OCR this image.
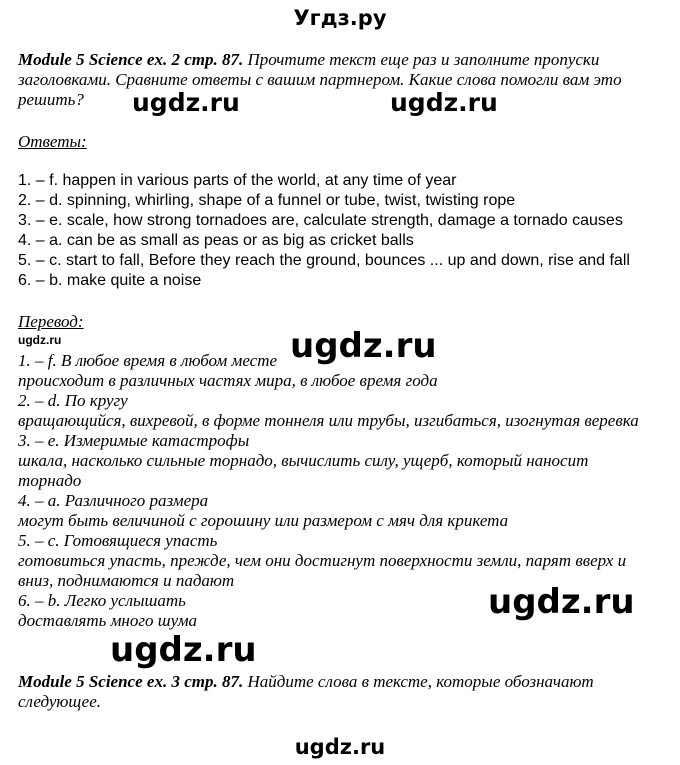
Угдз.ру
Module 5 Science ex. 2 стр. 87. Прочтите текст еще раз и заполните пропуски заголовками. Сравните ответы с вашим партнером. Какие слова помогли вам это решить?	ugdz.ru	ugdz.ru
Ответы:
1. – f. happen in various parts of the world, at any time of year
2. – d. spinning, whirling, shape of a funnel or tube, twist, twisting rope
3. – e. scale, how strong tornadoes are, calculate strength, damage a tornado causes
4. – a. can be as small as peas or as big as cricket balls
5. – c. start to fall, Before they reach the ground, bounces ... up and down, rise and fall
6. – b. make quite a noise
Перевод:
ugdz.ru	ugdz.ru
1. – f. В любое время в любом месте
происходит в различных частях мира, в любое время года
2. – d. По кругу
вращающийся, вихревой, в форме тоннеля или трубы, изгибаться, изогнутая веревка
3. – e. Измеримые катастрофы
шкала, насколько сильные торнадо, вычислить силу, ущерб, который наносит
торнадо
4. – a. Различного размера
могут быть величиной с горошину или размером с мяч для крикета
5. – c. Готовящиеся упасть
готовиться упасть, прежде, чем они достигнут поверхности земли, парят вверх и
вниз, поднимаются и падают
6. – b. Легко услышать
доставлять много шума	ugdz.ru
ugdz.ru
Module 5 Science ex. 3 стр. 87. Найдите слова в тексте, которые обозначают следующее.
ugdz.ru
